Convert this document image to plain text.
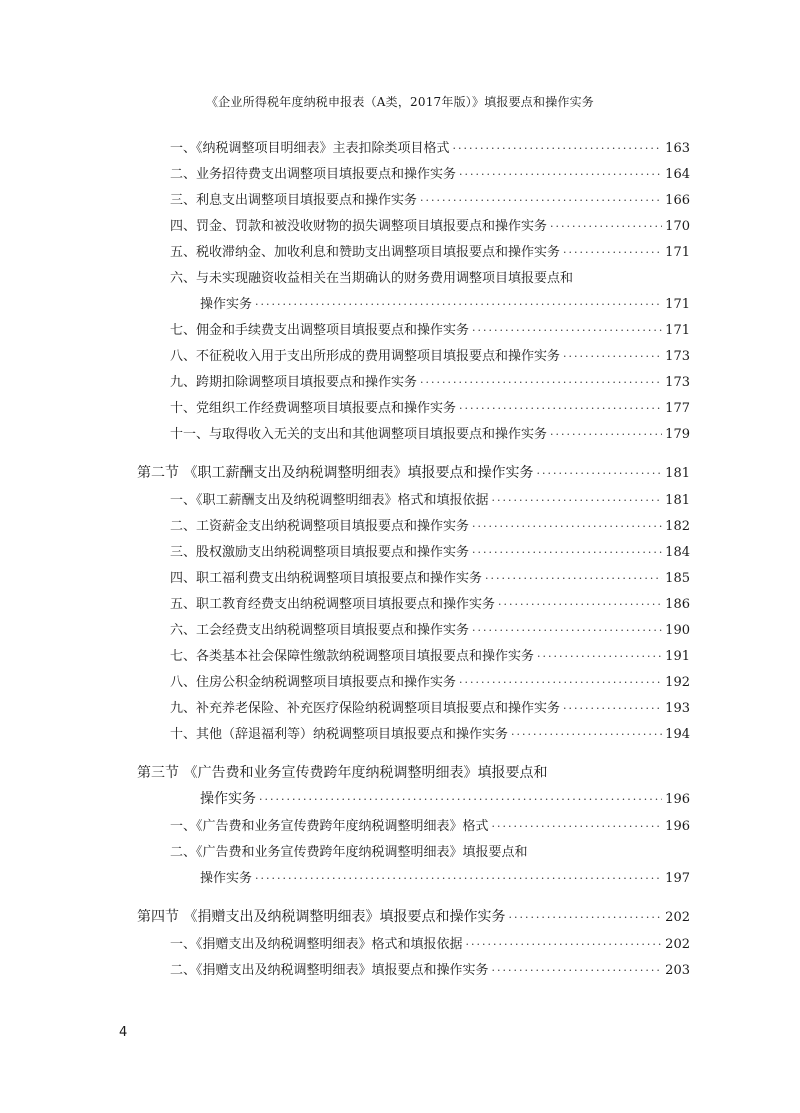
《企业所得税年度纳税申报表（A类，2017年版）》填报要点和操作实务
一、《纳税调整项目明细表》主表扣除类项目格式 ·····	163
二、业务招待费支出调整项目填报要点和操作实务 ·····	164
三、利息支出调整项目填报要点和操作实务 ·····	166
四、罚金、罚款和被没收财物的损失调整项目填报要点和操作实务 ·····	170
五、税收滞纳金、加收利息和赞助支出调整项目填报要点和操作实务 ·····	171
六、与未实现融资收益相关在当期确认的财务费用调整项目填报要点和
操作实务 ·····	171
七、佣金和手续费支出调整项目填报要点和操作实务 ·····	171
八、不征税收入用于支出所形成的费用调整项目填报要点和操作实务 ·····	173
九、跨期扣除调整项目填报要点和操作实务 ·····	173
十、党组织工作经费调整项目填报要点和操作实务 ·····	177
十一、与取得收入无关的支出和其他调整项目填报要点和操作实务 ·····	179
第二节 《职工薪酬支出及纳税调整明细表》填报要点和操作实务 ·····	181
一、《职工薪酬支出及纳税调整明细表》格式和填报依据 ·····	181
二、工资薪金支出纳税调整项目填报要点和操作实务 ·····	182
三、股权激励支出纳税调整项目填报要点和操作实务 ·····	184
四、职工福利费支出纳税调整项目填报要点和操作实务 ·····	185
五、职工教育经费支出纳税调整项目填报要点和操作实务 ·····	186
六、工会经费支出纳税调整项目填报要点和操作实务 ·····	190
七、各类基本社会保障性缴款纳税调整项目填报要点和操作实务 ·····	191
八、住房公积金纳税调整项目填报要点和操作实务 ·····	192
九、补充养老保险、补充医疗保险纳税调整项目填报要点和操作实务 ·····	193
十、其他（辞退福利等）纳税调整项目填报要点和操作实务 ·····	194
第三节 《广告费和业务宣传费跨年度纳税调整明细表》填报要点和
操作实务 ·····	196
一、《广告费和业务宣传费跨年度纳税调整明细表》格式 ·····	196
二、《广告费和业务宣传费跨年度纳税调整明细表》填报要点和
操作实务 ·····	197
第四节 《捐赠支出及纳税调整明细表》填报要点和操作实务 ·····	202
一、《捐赠支出及纳税调整明细表》格式和填报依据 ·····	202
二、《捐赠支出及纳税调整明细表》填报要点和操作实务 ·····	203
4
